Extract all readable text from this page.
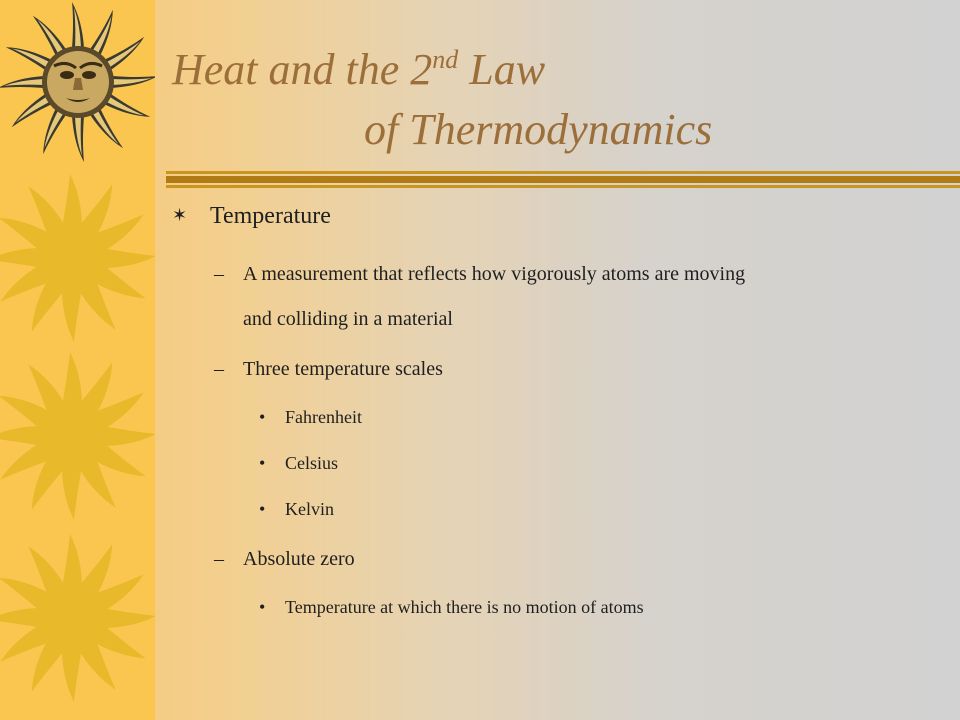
Heat and the 2nd Law
of Thermodynamics
✶ Temperature
– A measurement that reflects how vigorously atoms are moving
and colliding in a material
– Three temperature scales
• Fahrenheit
• Celsius
• Kelvin
– Absolute zero
• Temperature at which there is no motion of atoms
